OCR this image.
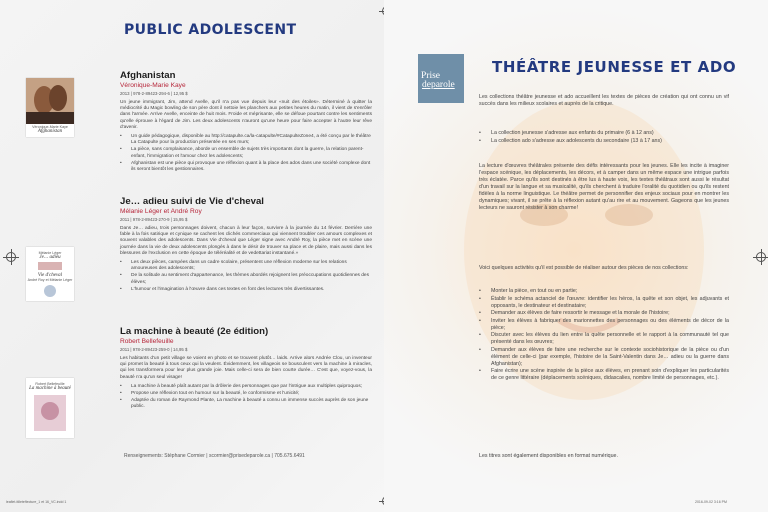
PUBLIC ADOLESCENT
Véronique-Marie Kaye
Afghanistan
Afghanistan
Véronique-Marie Kaye
2013 | 978-2-89423-294-6 | 12,95 $

Un jeune immigrant, Jim, attend Avelle, qu'il n'a pas vue depuis leur «nuit des étoiles». Déterminé à quitter la médiocrité du Magic bowling de son père dont il nettoie les planchers aux petites heures du matin, il vient de s'enrôler dans l'armée. Arrive Avelle, enceinte de huit mois. Froide et méprisante, elle se défoue pourtant contre les sentiments qu'elle éprouve à l'égard de Jim. Les deux adolescents n'auront qu'une heure pour faire accepter à l'autre leur rêve d'avenir.

• Un guide pédagogique, disponible au http://catapulte.ca/la-catapulte/#CatapulteZone4, a été conçu par le théâtre La Catapulte pour la production présentée en ses murs;
• La pièce, sans complaisance, aborde un ensemble de sujets très importants dont la guerre, la relation parent-enfant, l'immigration et l'amour chez les adolescents;
• Afghanistan est une pièce qui provoque une réflexion quant à la place des ados dans une société complexe dont ils seront bientôt les gestionnaires.
Mélanie Léger
Je… adieu
Vie d'cheval
André Roy et Mélanie Léger
Je… adieu suivi de Vie d'cheval
Mélanie Léger et André Roy
2011 | 978-2-89423-270-9 | 15,95 $

Dans Je… adieu, trois personnages doivent, chacun à leur façon, survivre à la journée du 14 février. Derrière une fable à la fois satirique et cynique se cachent les clichés commerciaux qui viennent troubler ces amours complexes et souvent valables des adolescents. Dans Vie d'cheval que Léger signe avec André Roy, la pièce met en scène une journée dans la vie de deux adolescents plongés à dans le désir de trouver sa place et de plaire, mais aussi dans les blessures de l'exclusion en cette époque de téléréalité et de vedettariat instantané.»

• Les deux pièces, campées dans un cadre scolaire, présentent une réflexion moderne sur les relations amoureuses des adolescents;
• De la solitude au sentiment d'appartenance, les thèmes abordés rejoignent les préoccupations quotidiennes des élèves;
• L'humour et l'imagination à l'œuvre dans ces textes en font des lectures très divertissantes.
Robert Bellefeuille
La machine à beauté
La machine à beauté (2e édition)
Robert Bellefeuille
2011 | 978-2-89423-259-0 | 14,95 $

Les habitants d'un petit village se voient en photo et se trouvent plutôt… laids. Arrive alors Andrée Clou, un inventeur qui promet la beauté à tous ceux qui la veulent. Évidemment, les villageois se bousculent vers la machine à miracles, qui les transformera pour leur plus grande joie. Mais celle-ci sera de bien courte durée… C'est que, voyez-vous, la beauté n'a qu'un seul visage!

• La machine à beauté plaît autant par la drôlerie des personnages que par l'intrigue aux multiples quiproquos;
• Propose une réflexion tout en humour sur la beauté, le conformisme et l'unicité;
• Adaptée du roman de Raymond Plante, La machine à beauté a connu un immense succès auprès de son jeune public.
Renseignements: Stéphane Cormier | scormier@prisedeparole.ca | 705.675.6491
leaflet-ttlleteflecture_1 et 16_VC.indd 1
Prise
deparole
THÉÂTRE JEUNESSE ET ADO

Les collections théâtre jeunesse et ado accueillent les textes de pièces de création qui ont connu un vif succès dans les milieux scolaires et auprès de la critique.

• La collection jeunesse s'adresse aux enfants du primaire (6 à 12 ans)
• La collection ado s'adresse aux adolescents du secondaire (13 à 17 ans)

La lecture d'œuvres théâtrales présente des défis intéressants pour les jeunes. Elle les incite à imaginer l'espace scénique, les déplacements, les décors, et à camper dans un même espace une intrigue parfois très éclatée. Parce qu'ils sont destinés à être lus à haute voix, les textes théâtraux sont aussi le résultat d'un travail sur la langue et sa musicalité, qu'ils cherchent à traduire l'oralité du quotidien ou qu'ils restent fidèles à la norme linguistique. Le théâtre permet de personnifier des enjeux sociaux pour en montrer les dynamiques; vivant, il se prête à la réflexion autant qu'au rire et au mouvement. Gageons que les jeunes lecteurs ne sauront résister à son charme!

Voici quelques activités qu'il est possible de réaliser autour des pièces de nos collections:

• Monter la pièce, en tout ou en partie;
• Établir le schéma actanciel de l'œuvre: identifier les héros, la quête et son objet, les adjuvants et opposants, le destinateur et destinataire;
• Demander aux élèves de faire ressortir le message et la morale de l'histoire;
• Inviter les élèves à fabriquer des marionnettes des personnages ou des éléments de décor de la pièce;
• Discuter avec les élèves du lien entre la quête personnelle et le rapport à la communauté tel que présenté dans les œuvres;
• Demander aux élèves de faire une recherche sur le contexte sociohistorique de la pièce ou d'un élément de celle-ci (par exemple, l'histoire de la Saint-Valentin dans Je… adieu ou la guerre dans Afghanistan);
• Faire écrire une scène inspirée de la pièce aux élèves, en prenant soin d'expliquer les particularités de ce genre littéraire (déplacements scéniques, didascalies, nombre limité de personnages, etc.).

Les titres sont également disponibles en format numérique.

2016-09-02 3:16 PM
